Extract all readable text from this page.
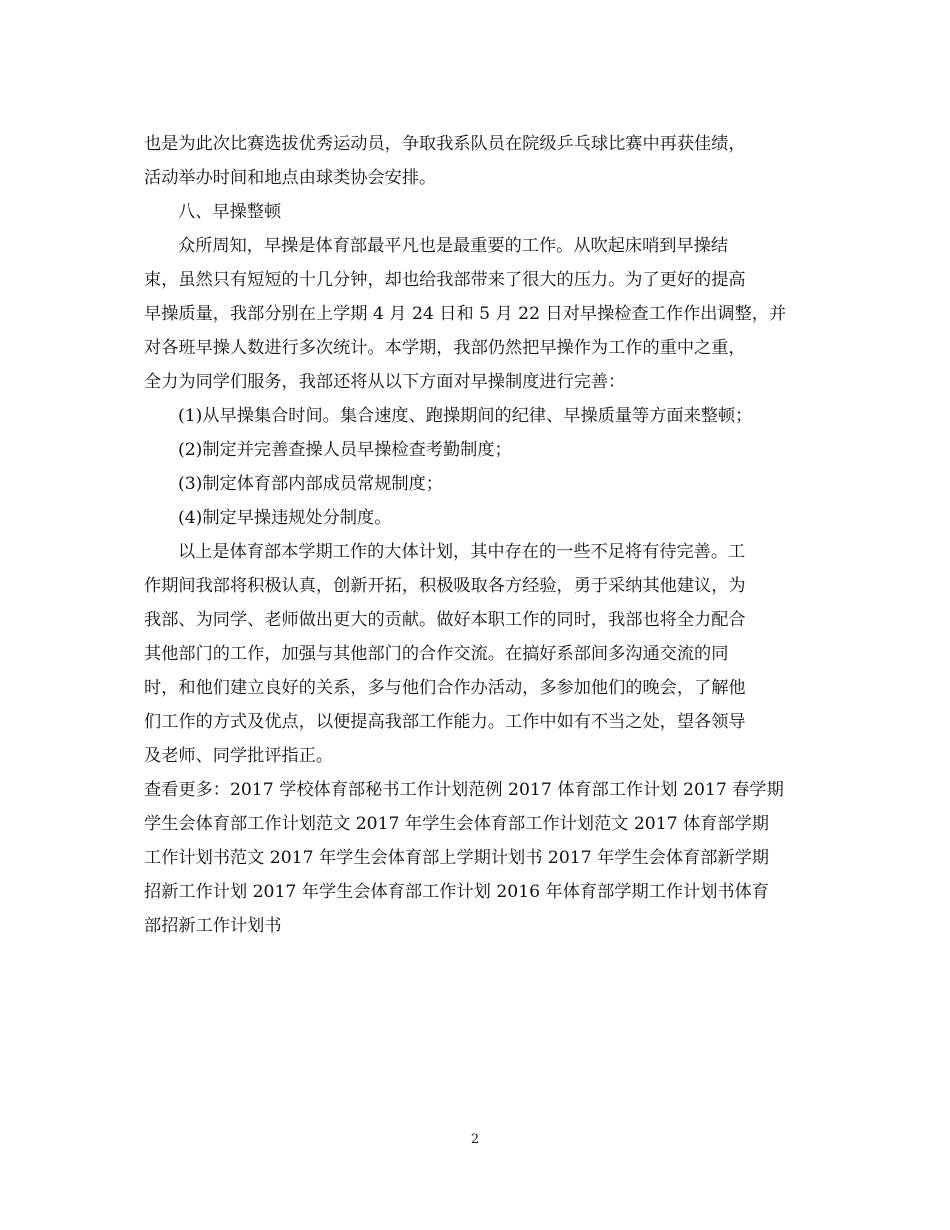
也是为此次比赛选拔优秀运动员，争取我系队员在院级乒乓球比赛中再获佳绩，
活动举办时间和地点由球类协会安排。
八、早操整顿
众所周知，早操是体育部最平凡也是最重要的工作。从吹起床哨到早操结
束，虽然只有短短的十几分钟，却也给我部带来了很大的压力。为了更好的提高
早操质量，我部分别在上学期 4 月 24 日和 5 月 22 日对早操检查工作作出调整，并
对各班早操人数进行多次统计。本学期，我部仍然把早操作为工作的重中之重，
全力为同学们服务，我部还将从以下方面对早操制度进行完善：
(1)从早操集合时间。集合速度、跑操期间的纪律、早操质量等方面来整顿；
(2)制定并完善查操人员早操检查考勤制度；
(3)制定体育部内部成员常规制度；
(4)制定早操违规处分制度。
以上是体育部本学期工作的大体计划，其中存在的一些不足将有待完善。工
作期间我部将积极认真，创新开拓，积极吸取各方经验，勇于采纳其他建议，为
我部、为同学、老师做出更大的贡献。做好本职工作的同时，我部也将全力配合
其他部门的工作，加强与其他部门的合作交流。在搞好系部间多沟通交流的同
时，和他们建立良好的关系，多与他们合作办活动，多参加他们的晚会，了解他
们工作的方式及优点，以便提高我部工作能力。工作中如有不当之处，望各领导
及老师、同学批评指正。
查看更多：2017 学校体育部秘书工作计划范例 2017 体育部工作计划 2017 春学期
学生会体育部工作计划范文 2017 年学生会体育部工作计划范文 2017 体育部学期
工作计划书范文 2017 年学生会体育部上学期计划书 2017 年学生会体育部新学期
招新工作计划 2017 年学生会体育部工作计划 2016 年体育部学期工作计划书体育
部招新工作计划书
2
